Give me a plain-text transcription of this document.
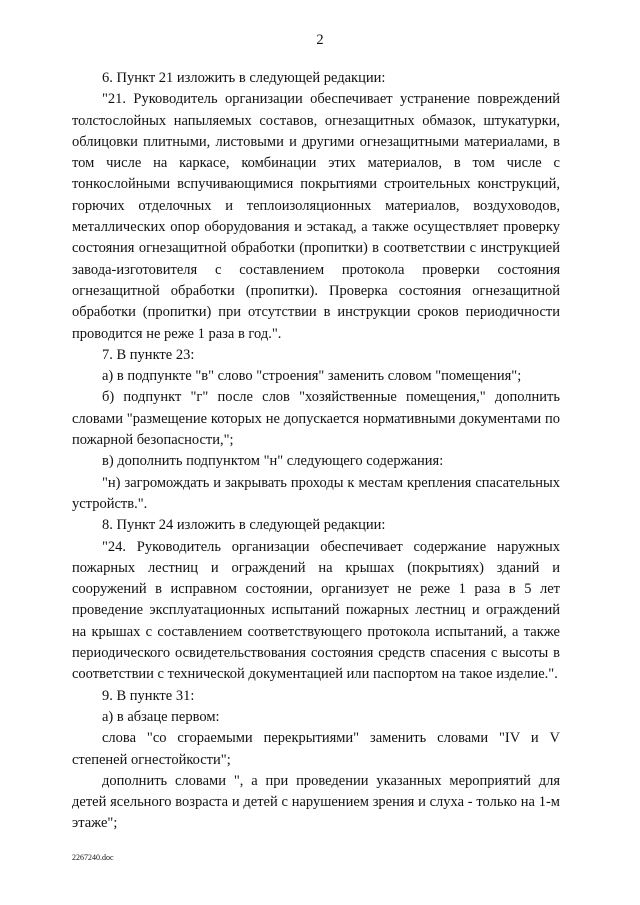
2

6. Пункт 21 изложить в следующей редакции:

"21. Руководитель организации обеспечивает устранение повреждений толстослойных напыляемых составов, огнезащитных обмазок, штукатурки, облицовки плитными, листовыми и другими огнезащитными материалами, в том числе на каркасе, комбинации этих материалов, в том числе с тонкослойными вспучивающимися покрытиями строительных конструкций, горючих отделочных и теплоизоляционных материалов, воздуховодов, металлических опор оборудования и эстакад, а также осуществляет проверку состояния огнезащитной обработки (пропитки) в соответствии с инструкцией завода-изготовителя с составлением протокола проверки состояния огнезащитной обработки (пропитки). Проверка состояния огнезащитной обработки (пропитки) при отсутствии в инструкции сроков периодичности проводится не реже 1 раза в год.".

7. В пункте 23:

а) в подпункте "в" слово "строения" заменить словом "помещения";

б) подпункт "г" после слов "хозяйственные помещения," дополнить словами "размещение которых не допускается нормативными документами по пожарной безопасности,";

в) дополнить подпунктом "н" следующего содержания:

"н) загромождать и закрывать проходы к местам крепления спасательных устройств.".

8. Пункт 24 изложить в следующей редакции:

"24. Руководитель организации обеспечивает содержание наружных пожарных лестниц и ограждений на крышах (покрытиях) зданий и сооружений в исправном состоянии, организует не реже 1 раза в 5 лет проведение эксплуатационных испытаний пожарных лестниц и ограждений на крышах с составлением соответствующего протокола испытаний, а также периодического освидетельствования состояния средств спасения с высоты в соответствии с технической документацией или паспортом на такое изделие.".

9. В пункте 31:

а) в абзаце первом:

слова "со сгораемыми перекрытиями" заменить словами "IV и V степеней огнестойкости";

дополнить словами ", а при проведении указанных мероприятий для детей ясельного возраста и детей с нарушением зрения и слуха - только на 1-м этаже";

2267240.doc
